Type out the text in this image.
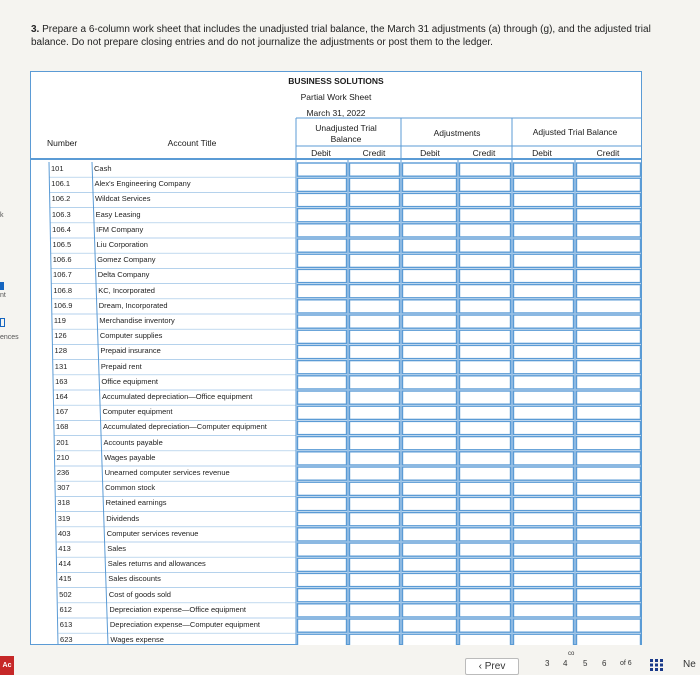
k
nt
ences
3. Prepare a 6-column work sheet that includes the unadjusted trial balance, the March 31 adjustments (a) through (g), and the adjusted trial balance. Do not prepare closing entries and do not journalize the adjustments or post them to the ledger.
BUSINESS SOLUTIONS
Partial Work Sheet
March 31, 2022
Number	Account Title
Unadjusted Trial
Balance
Adjustments	Adjusted Trial Balance
Debit	Credit	Debit	Credit	Debit	Credit
101	Cash
106.1	Alex's Engineering Company
106.2	Wildcat Services
106.3	Easy Leasing
106.4	IFM Company
106.5	Liu Corporation
106.6	Gomez Company
106.7	Delta Company
106.8	KC, Incorporated
106.9	Dream, Incorporated
119	Merchandise inventory
126	Computer supplies
128	Prepaid insurance
131	Prepaid rent
163	Office equipment
164	Accumulated depreciation—Office equipment
167	Computer equipment
168	Accumulated depreciation—Computer equipment
201	Accounts payable
210	Wages payable
236	Unearned computer services revenue
307	Common stock
318	Retained earnings
319	Dividends
403	Computer services revenue
413	Sales
414	Sales returns and allowances
415	Sales discounts
502	Cost of goods sold
612	Depreciation expense—Office equipment
613	Depreciation expense—Computer equipment
623	Wages expense
Ac	‹ Prev
co
3 4 5 6 of 6	Ne
